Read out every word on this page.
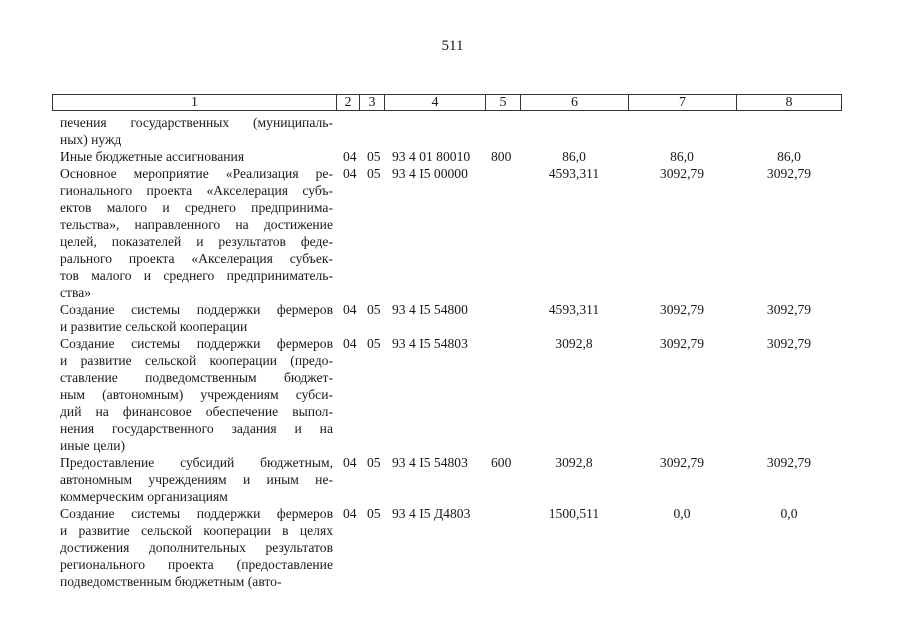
511
1	2	3	4	5	6	7	8
печения государственных (муниципаль-
ных) нужд
Иные бюджетные ассигнования	04 05 93 4 01 80010 800	86,0	86,0	86,0
Основное мероприятие «Реализация ре-
гионального проекта «Акселерация субъ-
ектов малого и среднего предпринима-
тельства», направленного на достижение
целей, показателей и результатов феде-
рального проекта «Акселерация субъек-
тов малого и среднего предприниматель-
ства»
04 05 93 4 I5 00000	4593,311	3092,79	3092,79
Создание системы поддержки фермеров
и развитие сельской кооперации
04 05 93 4 I5 54800	4593,311	3092,79	3092,79
Создание системы поддержки фермеров
и развитие сельской кооперации (предо-
ставление подведомственным бюджет-
ным (автономным) учреждениям субси-
дий на финансовое обеспечение выпол-
нения государственного задания и на
иные цели)
04 05 93 4 I5 54803	3092,8	3092,79	3092,79
Предоставление субсидий бюджетным,
автономным учреждениям и иным не-
коммерческим организациям
04 05 93 4 I5 54803 600	3092,8	3092,79	3092,79
Создание системы поддержки фермеров
и развитие сельской кооперации в целях
достижения дополнительных результатов
регионального проекта (предоставление
подведомственным бюджетным (авто-
04 05 93 4 I5 Д4803	1500,511	0,0	0,0
